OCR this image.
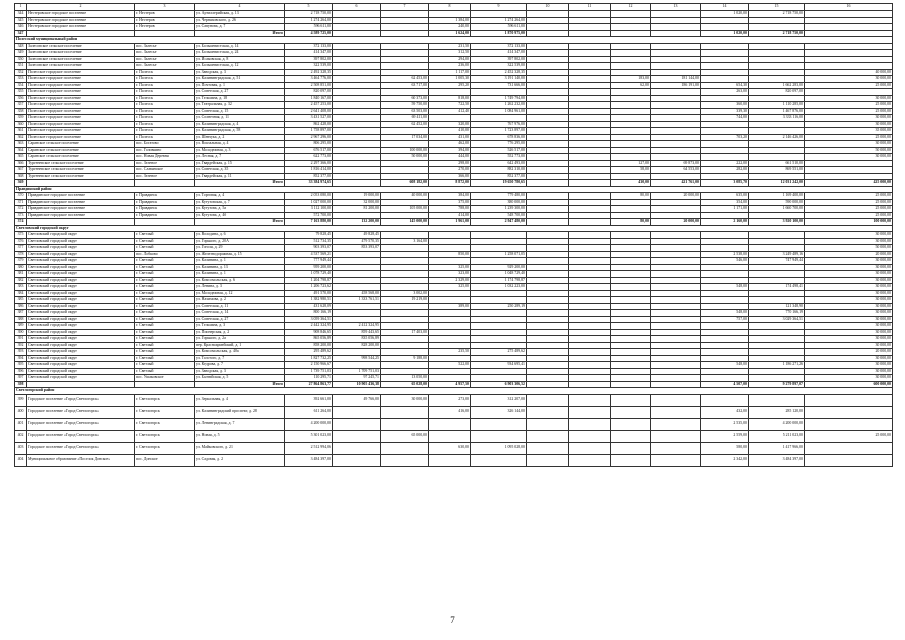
1	2	3	4	5	6	7	8	9	10	11	12	13	14	15	16
344	Нестеровское городское поселение	г. Нестеров	ул. Артиллерийская, д. 13	2 718 750,00									1 020,00	2 718 750,00	
345	Нестеровское городское поселение	г. Нестеров	ул. Черняховского, д. 26	1 274 264,00			1 384,00	1 274 264,00							
346	Нестеровское городское поселение	г. Нестеров	ул. Сапунова, д. 7	596 611,00			240,00	596 611,00							
347			Итого	4 589 725,00			1 624,00	1 870 975,00					1 020,00	2 718 750,00	
Полесский муниципальный район															
348	Залесовское сельское поселение	пос. Залесье	ул. Большевистская, д. 14	372 133,00			231,50	372 133,00							
349	Залесовское сельское поселение	пос. Залесье	ул. Большевистская, д. 24	414 347,00			312,50	414 347,00							
350	Залесовское сельское поселение	пос. Залесье	ул. Исаковская, д. 8	397 802,00			294,00	397 802,00							
351	Залесовское сельское поселение	пос. Залесье	ул. Большевистская, д. 12	322 539,00			236,00	322 539,00							
352	Полесское городское поселение	г. Полесск	ул. Заводская, д. 3	2 492 328,35			1 117,00	2 452 328,35							40 000,00
353	Полесское городское поселение	г. Полесск	ул. Калининградская, д. 51	3 464 776,00		62 453,00	1 005,30	3 191 140,00			183,00	181 144,00			30 000,00
354	Полесское городское поселение	г. Полесск	ул. Почтовая, д. 1	2 508 851,00		63 717,00	295,20	731 666,00			62,00	186 191,00	654,30	1 662 283,00	25 000,00
355	Полесское городское поселение	г. Полесск	ул. Советская, д. 27	820 097,00									263,00	820 097,00	
356	Полесское городское поселение	г. Полесск	ул. Тельмана, д. 18	1 840 167,00		60 373,00	818,00	1 749 794,00							30 000,00
357	Полесское городское поселение	г. Полесск	ул. Театральная, д. 32	2 457 253,00		59 750,00	722,50	1 262 232,00					360,00	1 110 285,00	25 000,00
358	Полесское городское поселение	г. Полесск	ул. Советская, д. 15	2 641 408,00		63 503,00	412,40	1 084 961,00					339,30	1 467 876,00	25 000,00
359	Полесское городское поселение	г. Полесск	ул. Солнечная, д. 11	3 431 527,00		69 411,00							744,00	3 333 116,00	30 000,00
360	Полесское городское поселение	г. Полесск	ул. Калининградская, д. 4	862 428,00		62 452,00	320,00	767 976,00							30 000,00
361	Полесское городское поселение	г. Полесск	ул. Калининградская, д. 58	1 758 897,00			410,00	1 723 897,00							35 000,00
362	Полесское городское поселение	г. Полесск	ул. Шевчука, д. 2	2 967 296,00		17 034,00	431,00	678 836,00					703,20	2 146 426,00	25 000,00
363	Саранское сельское поселение	пос. Богатово	ул. Вокзальная, д. 4	806 295,00			462,00	776 295,00							30 000,00
364	Саранское сельское поселение	пос. Головкино	ул. Молодежная, д. 3	676 517,00		100 000,00	394,00	526 517,00							50 000,00
365	Саранское сельское поселение	пос. Новая Деревня	ул. Лесная, д. 7	622 773,00		50 000,00	444,00	552 773,00							30 000,00
366	Тургеневское сельское поселение	пос. Зеленое	ул. Гвардейская, д. 15	2 297 366,00			298,00	642 493,00			127,00	69 873,00	222,00	661 510,00	
367	Тургеневское сельское поселение	пос. Славянское	ул. Советская, д. 35	1 816 414,00			270,00	882 310,00			58,00	64 553,00	282,00	869 551,00	
368	Тургеневское сельское поселение	пос. Зеленое	ул. Гвардейская, д. 11	852 377,00			366,00	852 377,00							
369			Итого	33 384 974,65		608 182,00	8 872,00	19 650 780,65			430,00	421 761,00	3 085,70	12 031 242,00	425 000,00
Правдинский район															
370	Правдинское городское поселение	г. Правдинск	ул. Торговая, д. 4	2 053 080,00	19 000,00	40 000,00	384,00	779 480,00			80,00	20 000,00	635,00	1 169 400,00	25 000,00
371	Правдинское городское поселение	г. Правдинск	ул. Кутузовская, д. 7	1 027 000,00	32 000,00		375,00	380 000,00					354,00	590 000,00	25 000,00
372	Правдинское городское поселение	г. Правдинск	ул. Кутузова, д. 5а	3 112 100,00	81 200,00	105 000,00	788,00	1 239 300,00					1 171,00	1 660 700,00	25 000,00
373	Правдинское городское поселение	г. Правдинск	ул. Кутузова, д. 4б	572 700,00			414,00	548 700,00							25 000,00
374			Итого	7 163 880,00	132 200,00	145 000,00	1 961,00	2 947 480,00			80,00	20 000,00	2 160,00	3 920 100,00	100 000,00
Светловский городской округ															
375	Светловский городской округ	г. Светлый	ул. Володина, д. 6	79 828,45	49 828,45										30 000,00
376	Светловский городской округ	г. Светлый	ул. Горького, д. 20А	512 734,35	479 570,35	3 164,00									30 000,00
377	Светловский городской округ	г. Светлый	ул. Гоголя, д. 29	903 393,07	853 393,07										50 000,00
378	Светловский городской округ	пос. Лобково	ул. Железнодорожная, д. 15	4 537 569,21			850,00	1 258 071,05					2 538,00	3 249 489,16	20 000,00
379	Светловский городской округ	г. Светлый	ул. Калинина, д. 1	777 949,44									546,00	747 949,44	30 000,00
380	Светловский городской округ	г. Светлый	ул. Калинина, д. 13	959 200,00			325,00	929 200,00							30 000,00
381	Светловский городской округ	г. Светлый	ул. Калинина, д. 1	1 078 729,40			323,00	1 048 729,40							30 000,00
382	Светловский городской округ	г. Светлый	ул. Комсомольская, д. 6	1 204 798,87			2 329,00	1 174 798,87							30 000,00
383	Светловский городской округ	г. Светлый	ул. Ленина, д. 3	1 206 723,62			325,00	1 032 223,00					548,00	174 498,41	30 000,00
384	Светловский городской округ	г. Светлый	ул. Молодежная, д. 12	491 570,00	458 568,00	3 002,00									30 000,00
385	Светловский городской округ	г. Светлый	ул. Нахимова, д. 2	1 382 980,51	1 333 761,51	19 219,00									30 000,00
386	Светловский городской округ	г. Светлый	ул. Советская, д. 11	431 628,09			389,00	250 289,19						121 348,90	30 000,00
387	Светловский городской округ	г. Светлый	ул. Советская, д. 14	800 166,19									548,00	770 166,19	30 000,00
388	Светловский городской округ	г. Светлый	ул. Советская, д. 27	3 059 364,51									757,00	3 029 364,51	30 000,00
389	Светловский городской округ	г. Светлый	ул. Тельмана, д. 3	2 442 324,95	2 412 324,95										30 000,00
390	Светловский городской округ	г. Светлый	ул. Пионерская, д. 2	908 846,65	859 443,65	17 403,00									30 000,00
391	Светловский городской округ	г. Светлый	ул. Горького, д. 2а	865 056,89	835 056,89										30 000,00
392	Светловский городской округ	г. Светлый	пер. Красноармейский, д. 1	858 200,00	828 200,00										30 000,00
393	Светловский городской округ	г. Светлый	ул. Комсомольская, д. 40а	295 489,62			235,50	275 489,62							20 000,00
394	Светловский городской округ	г. Светлый	ул. Толстого, д. 7	1 827 732,25	998 544,25	9 188,00									30 000,00
395	Светловский городской округ	г. Светлый	ул. Кедрова, д. 7	2 150 966,67			522,00	934 695,41					548,00	1 186 271,26	30 000,00
396	Светловский городской округ	г. Светлый	ул. Заводская, д. 3	1 739 751,03	1 709 751,03										30 000,00
397	Светловский городской округ	пос. Ушаковское	ул. Балтийская, д. 5	110 295,71	97 245,71	13 050,00									30 000,00
398			Итого	27 864 863,77	10 905 436,38	65 028,00	4 957,50	6 903 306,52					4 507,00	9 279 897,07	600 000,00
Светлогорский район															
399	Городское поселение «Город Светлогорск»	г. Светлогорск	ул. Зеркальная, д. 4	392 661,00	49 766,00	30 000,00	273,00	312 207,00							
400	Городское поселение «Город Светлогорск»	г. Светлогорск	ул. Калининградский проспект, д. 28	611 264,00			416,00	326 144,00					432,00	285 120,00	
401	Городское поселение «Город Светлогорск»	г. Светлогорск	ул. Ленинградская, д. 7	4 200 000,00									2 535,00	4 200 000,00	
402	Городское поселение «Город Светлогорск»	г. Светлогорск	ул. Новая, д. 5	5 301 023,00		65 000,00							2 559,00	5 211 023,00	25 000,00
403	Городское поселение «Город Светлогорск»	г. Светлогорск	ул. Майковского, д. 21	2 512 994,06			630,00	1 095 028,00					580,00	1 417 966,00	
404	Муниципальное образование «Поселок Донское»	пос. Донское	ул. Садовая, д. 2	3 484 397,00									2 342,00	3 484 397,00	
7
